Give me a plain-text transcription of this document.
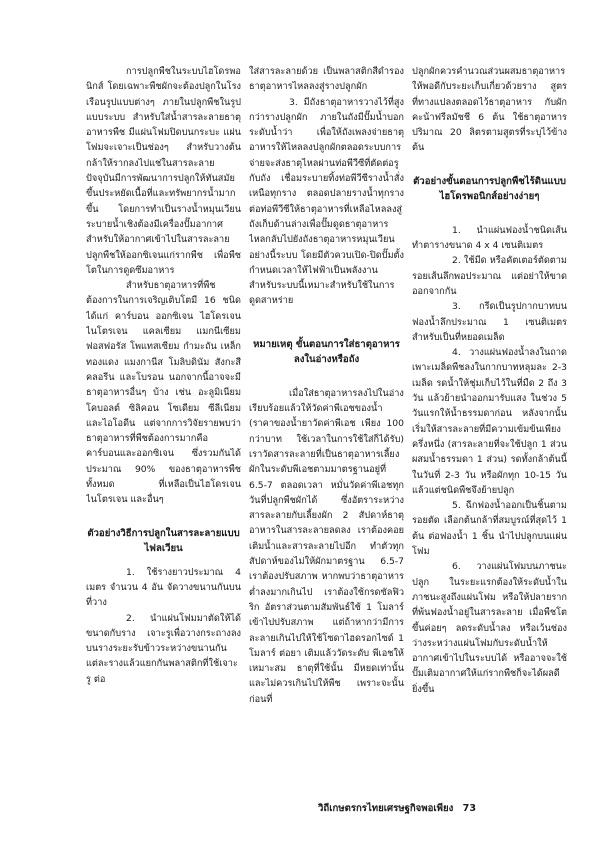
การปลูกพืชในระบบไฮโดรพอนิกส์ โดยเฉพาะพืชผักจะต้องปลูกในโรงเรือนรูปแบบต่างๆ ภายในปลูกพืชในรูปแบบระบบ สำหรับใส่น้ำสารละลายธาตุอาหารพืช มีแผ่นโฟมปิดบนกระบะ แผ่นโฟมจะเจาะเป็นช่องๆ สำหรับวางต้นกล้าให้รากลงไปแช่ในสารละลาย ปัจจุบันมีการพัฒนาการปลูกให้ทันสมัยขึ้นประหยัดเนื้อที่และทรัพยากรน้ำมากขึ้น โดยการทำเป็นรางน้ำหมุนเวียนระบายน้ำเชิงต้องมีเครื่องปั๊มอากาศสำหรับให้อากาศเข้าไปในสารละลายปลูกพืชให้ออกซิเจนแก่รากพืช เพื่อพืชโตในการดูดซึมอาหาร

สำหรับธาตุอาหารที่พืชต้องการในการเจริญเติบโตมี 16 ชนิด ได้แก่ คาร์บอน ออกซิเจน ไฮโดรเจน ไนโตรเจน แคลเซียม แมกนีเซียม ฟอสฟอรัส โพแทสเซียม กำมะถัน เหล็ก ทองแดง แมงกานีส โมลิบดินัม สังกะสี คลอรีน และโบรอน นอกจากนี้อาจจะมีธาตุอาหารอื่นๆ บ้าง เช่น อะลูมิเนียม โคบอลต์ ซิลิคอน โซเดียม ซีลีเนียม และไอโอดีน แต่จากการวิจัยรายพบว่าธาตุอาหารที่พืชต้องการมากคือ คาร์บอนและออกซิเจน ซึ่งรวมกันได้ประมาณ 90% ของธาตุอาหารพืชทั้งหมด ที่เหลือเป็นไฮโดรเจน ไนโตรเจน และอื่นๆ

ตัวอย่างวิธีการปลูกในสารละลายแบบไฟลเวียน

1. ใช้รางยาวประมาณ 4 เมตร จำนวน 4 อัน จัดวางขนานกันบนที่วาง

2. นำแผ่นโฟมมาตัดให้ได้ขนาดกับราง เจาะรูเพื่อวางกระถางลงบนรางระยะรับข้าวระหว่างขนานกันแต่ละรางแล้วแยกกันพลาสติกที่ใช้เจาะรู ต่อ

ใส่สารละลายด้วย เป็นพลาสติกสีดำรองธาตุอาหารไหลลงสู่รางปลูกผัก

3. มีถังธาตุอาหารวางไว้ที่สูงกว่ารางปลูกผัก ภายในถังมีปั๊มน้ำบอกระดับน้ำว่า เพื่อให้ถังเพลงจ่ายธาตุอาหารให้ไหลลงปลูกผักตลอดระบบการจ่ายจะส่งธาตุไหลผ่านท่อพีวีซีที่ตัดต่อรูกับถัง เชื่อมระบายทิ้งท่อพีวีซีรางน้ำสั่งเหนือทุกราง ตลอดปลายรางน้ำทุกราง ต่อท่อพีวีซีให้ธาตุอาหารที่เหลือไหลลงสู่ถังเก็บด้านล่างเพื่อปั๊มดูดธาตุอาหารไหลกลับไปยังถังธาตุอาหารหมุนเวียนอย่างนี้ระบบ โดยมีตัวควบเปิด-ปิดปั๊มตั้งกำหนดเวลาให้ไฟฟ้าเป็นพลังงาน สำหรับระบบนี้เหมาะสำหรับใช้ในการดูดสาหร่าย

หมายเหตุ ขั้นตอนการใส่ธาตุอาหารลงในอ่างหรือถัง

เมื่อใส่ธาตุอาหารลงไปในอ่างเรียบร้อยแล้วให้วัดค่าพีเอชของน้ำ (ราคาของน้ำยาวัดค่าพีเอช เพียง 100 กว่าบาท ใช้เวลาในการใช้ใส่ก็ได้รับ) เราวัดสารละลายที่เป็นธาตุอาหารเลี้ยงผักในระดับพีเอชตามมาตรฐานอยู่ที่ 6.5-7 ตลอดเวลา หมั่นวัดค่าพีเอชทุกวันที่ปลูกพืชผักได้ ซึ่งอัตราระหว่างสารละลายกับเลี้ยงผัก 2 สัปดาห์ธาตุอาหารในสารละลายลดลง เราต้องคอยเติมน้ำและสารละลายไปอีก ทำตัวทุกสัปดาห์ของไม่ให้ผักมาตรฐาน 6.5-7 เราต้องปรับสภาพ หากพบว่าธาตุอาหารต่ำลงมากเกินไป เราต้องใช้กรดซัลฟิวริก อัตราส่วนตามสัมพันธ์ใช้ 1 โมลาร์เข้าไปปรับสภาพ แต่ถ้าหากว่ามีการละลายเกินไปให้ใช้โซดาไฮดรอกไซด์ 1 โมลาร์ ต่อยา เติมแล้ววัดระดับ พีเอชให้เหมาะสม ธาตุที่ใช้นั้น มีหยดเท่านั้นและไม่ควรเกินไปให้พืช เพราะจะนั้นก่อนที่

ปลูกผักควรคำนวณส่วนผสมธาตุอาหาร ให้พอดีกับระยะเก็บเกี่ยวด้วยราง สูตรที่ทางแปลงตลอดไว้ธาตุอาหาร กับผักคะน้าฟรีลมัชชี 6 ต้น ใช้ธาตุอาหารปริมาณ 20 ลิตรตามสูตรที่ระบุไว้ข้างต้น

ตัวอย่างขั้นตอนการปลูกพืชไร้ดินแบบไฮโดรพอนิกส์อย่างง่ายๆ

1. นำแผ่นฟองน้ำชนิดเส้นทำตารางขนาด 4 x 4 เซนติเมตร

2. ใช้มีด หรือคัตเตอร์ตัดตามรอยเส้นลึกพอประมาณ แต่อย่าให้ขาดออกจากกัน

3. กรีดเป็นรูปกากบาทบนฟองน้ำลึกประมาณ 1 เซนติเมตร สำหรับเป็นที่หยอดเมล็ด

4. วางแผ่นฟองน้ำลงในถาด เพาะเมล็ดพืชลงในกากบาทหลุมละ 2-3 เมล็ด รดน้ำให้ชุ่มเก็บไว้ในที่มืด 2 ถึง 3 วัน แล้วย้ายนำออกมารับแสง ในช่วง 5 วันแรกให้น้ำธรรมดาก่อน หลังจากนั้นเริ่มให้สารละลายที่มีความเข้มข้นเพียงครึ่งหนึ่ง (สารละลายที่จะใช้ปลูก 1 ส่วน ผสมน้ำธรรมดา 1 ส่วน) รดทั้งกล้าต้นนี้ในวันที่ 2-3 วัน หรือผักทุก 10-15 วัน แล้วแต่ชนิดพืชจึงย้ายปลูก

5. ฉีกฟองน้ำออกเป็นชิ้นตามรอยตัด เลือกต้นกล้าที่สมบูรณ์ที่สุดไว้ 1 ต้น ต่อฟองน้ำ 1 ชิ้น นำไปปลูกบนแผ่นโฟม

6. วางแผ่นโฟมบนภาชนะปลูก ในระยะแรกต้องให้ระดับน้ำในภาชนะสูงถึงแผ่นโฟม หรือให้ปลายรากที่พ้นฟองน้ำอยู่ในสารละลาย เมื่อพืชโตขึ้นค่อยๆ ลดระดับน้ำลง หรือเว้นช่องว่างระหว่างแผ่นโฟมกับระดับน้ำให้อากาศเข้าไปในระบบได้ หรืออาจจะใช้ปั๊มเติมอากาศให้แก่รากพืชก็จะได้ผลดียิ่งขึ้น

วิถีเกษตรกรไทยเศรษฐกิจพอเพียง 73
